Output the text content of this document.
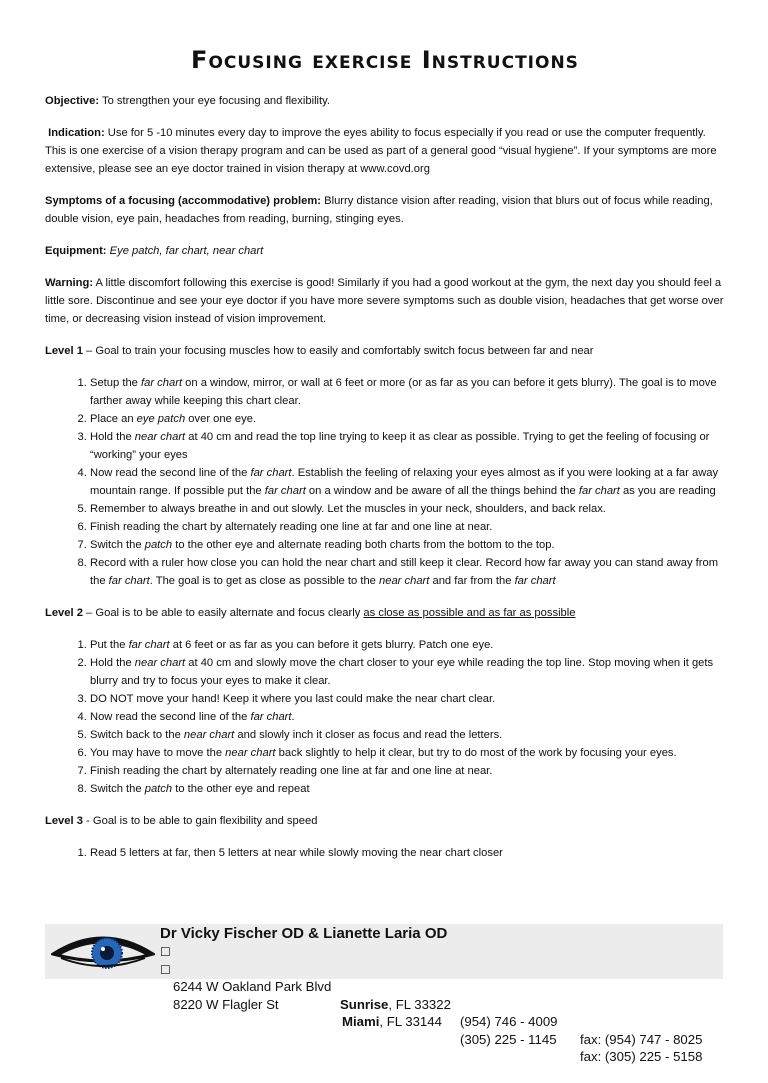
Focusing exercise Instructions

Objective: To strengthen your eye focusing and flexibility.

Indication: Use for 5 -10 minutes every day to improve the eyes ability to focus especially if you read or use the computer frequently. This is one exercise of a vision therapy program and can be used as part of a general good “visual hygiene”. If your symptoms are more extensive, please see an eye doctor trained in vision therapy at www.covd.org

Symptoms of a focusing (accommodative) problem: Blurry distance vision after reading, vision that blurs out of focus while reading, double vision, eye pain, headaches from reading, burning, stinging eyes.

Equipment: Eye patch, far chart, near chart

Warning: A little discomfort following this exercise is good! Similarly if you had a good workout at the gym, the next day you should feel a little sore. Discontinue and see your eye doctor if you have more severe symptoms such as double vision, headaches that get worse over time, or decreasing vision instead of vision improvement.

Level 1 – Goal to train your focusing muscles how to easily and comfortably switch focus between far and near

1. Setup the far chart on a window, mirror, or wall at 6 feet or more (or as far as you can before it gets blurry). The goal is to move farther away while keeping this chart clear.
2. Place an eye patch over one eye.
3. Hold the near chart at 40 cm and read the top line trying to keep it as clear as possible. Trying to get the feeling of focusing or “working” your eyes
4. Now read the second line of the far chart. Establish the feeling of relaxing your eyes almost as if you were looking at a far away mountain range. If possible put the far chart on a window and be aware of all the things behind the far chart as you are reading
5. Remember to always breathe in and out slowly. Let the muscles in your neck, shoulders, and back relax.
6. Finish reading the chart by alternately reading one line at far and one line at near.
7. Switch the patch to the other eye and alternate reading both charts from the bottom to the top.
8. Record with a ruler how close you can hold the near chart and still keep it clear. Record how far away you can stand away from the far chart. The goal is to get as close as possible to the near chart and far from the far chart

Level 2 – Goal is to be able to easily alternate and focus clearly as close as possible and as far as possible

1. Put the far chart at 6 feet or as far as you can before it gets blurry. Patch one eye.
2. Hold the near chart at 40 cm and slowly move the chart closer to your eye while reading the top line. Stop moving when it gets blurry and try to focus your eyes to make it clear.
3. DO NOT move your hand! Keep it where you last could make the near chart clear.
4. Now read the second line of the far chart.
5. Switch back to the near chart and slowly inch it closer as focus and read the letters.
6. You may have to move the near chart back slightly to help it clear, but try to do most of the work by focusing your eyes.
7. Finish reading the chart by alternately reading one line at far and one line at near.
8. Switch the patch to the other eye and repeat

Level 3 - Goal is to be able to gain flexibility and speed

1. Read 5 letters at far, then 5 letters at near while slowly moving the near chart closer
Dr Vicky Fischer OD & Lianette Laria OD

☐

6244 W Oakland Park Blvd

Sunrise, FL 33322

(954) 746 - 4009

fax: (954) 747 - 8025

☐

8220 W Flagler St

Miami, FL 33144

(305) 225 - 1145

fax: (305) 225 - 5158
